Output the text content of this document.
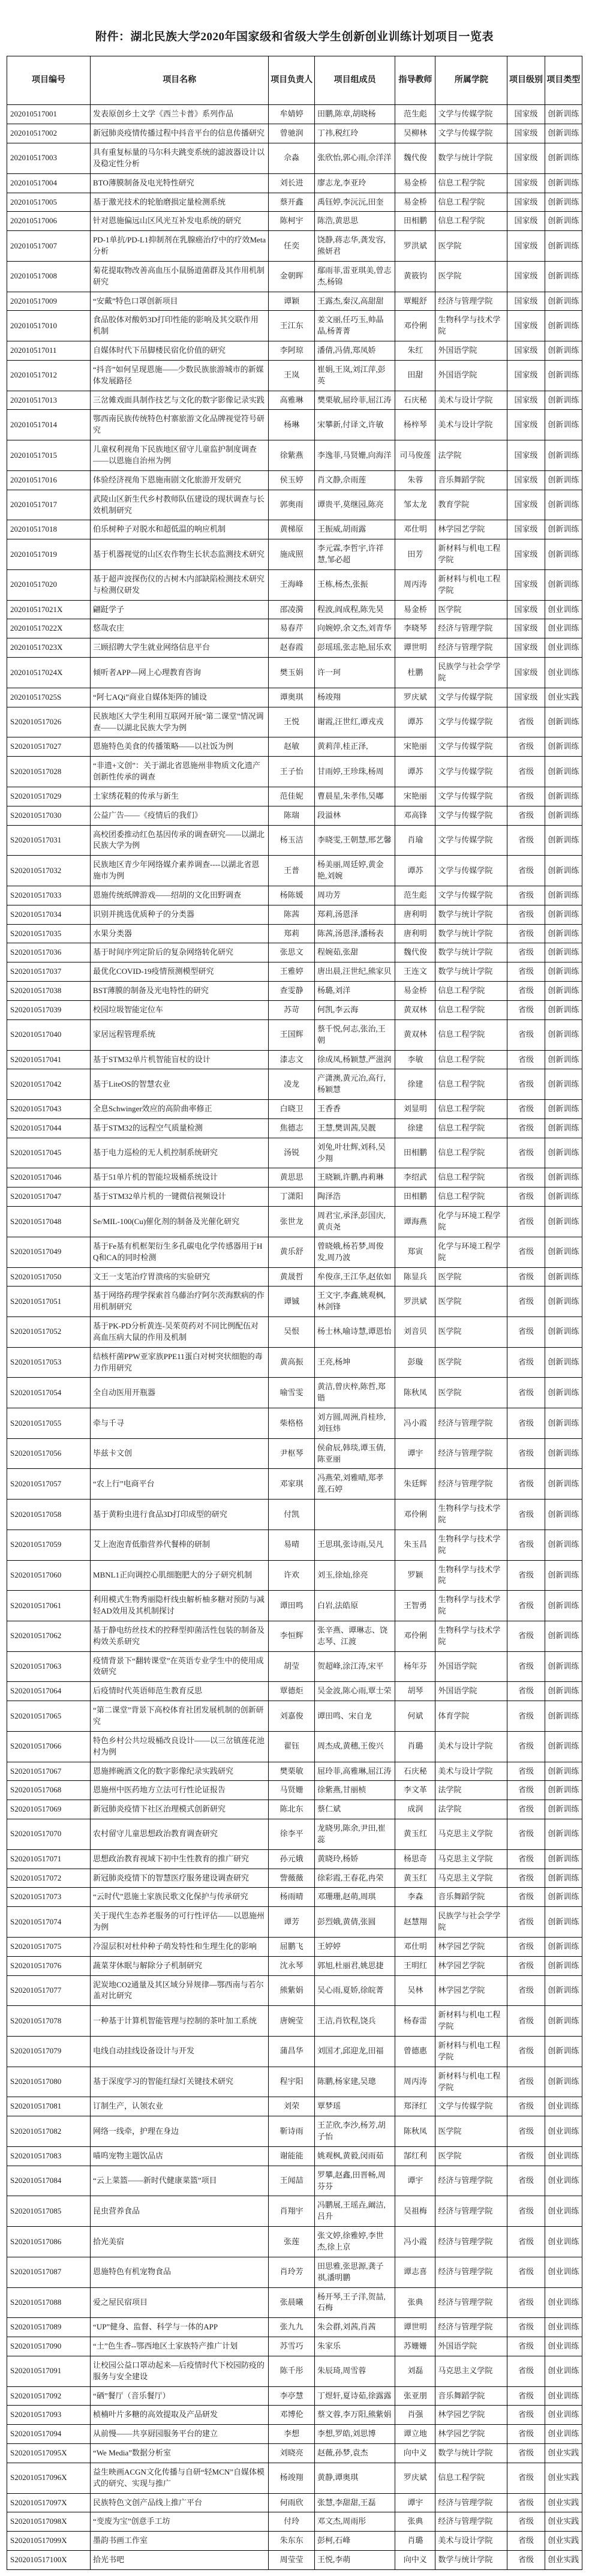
附件：湖北民族大学2020年国家级和省级大学生创新创业训练计划项目一览表
项目编号	项目名称	项目负责人	项目组成员	指导教师	所属学院	项目级别	项目类型
202010517001	发表原创乡土文学《西兰卡普》系列作品	牟婧婷	田鹏,陈章,胡晓杨	范生彪	文学与传媒学院	国家级	创新训练
202010517002	新冠肺炎疫情传播过程中抖音平台的信息传播研究	曾驰润	丁祎,税红玲	吴柳林	文学与传媒学院	国家级	创新训练
202010517003	具有重复标量的马尔科夫跳变系统的滤波器设计以及稳定性分析	佘淼	张欣怡,郭心雨,佘洋洋	魏代俊	数学与统计学院	国家级	创新训练
202010517004	BTO薄膜制备及电光特性研究	刘长进	廖志龙,李亚玲	易金桥	信息工程学院	国家级	创新训练
202010517005	基于激光技术的轮胎磨损定量检测系统	蔡开鑫	禹钰婷,李沅沅,田奎	易金桥	信息工程学院	国家级	创新训练
202010517006	针对恩施偏远山区风光互补发电系统的研究	陈柯宇	陈浩,黄思思	田相鹏	信息工程学院	国家级	创新训练
202010517007	PD-1单抗/PD-L1抑制剂在乳腺癌治疗中的疗效Meta分析	任奕	饶静,蒋志华,龚发容,熊妍君	罗洪斌	医学院	国家级	创新训练
202010517008	菊花提取物改善高血压小鼠肠道菌群及其作用机制研究	金朝晖	鄢雨菲,雷亚琪美,曾志杰,杨锦	黄筱钧	医学院	国家级	创新训练
202010517009	“安戴”特色口罩创新项目	谭颖	王露杰,秦汉,高甜甜	覃鲲舒	经济与管理学院	国家级	创新训练
202010517010	食品胶体对酸奶3D打印性能的影响及其交联作用机制	王江东	姜文丽,任巧玉,帅晶晶,杨菁菁	邓伶俐	生物科学与技术学院	国家级	创新训练
202010517011	自媒体时代下吊脚楼民宿化价值的研究	李阿琼	潘倩,冯倩,郑凤娇	朱红	外国语学院	国家级	创新训练
202010517012	“抖音”如何呈现恩施——少数民族旅游城市的新媒体发展路径	王岚	崔娟,王岚,刘江萍,彭英	田甜	外国语学院	国家级	创新训练
202010517013	三岔傩戏面具制作技艺与文化的数字影像记录实践	高雅琳	樊栗敏,屈玲菲,屈江涛	石庆秘	美术与设计学院	国家级	创新训练
202010517014	鄂西南民族传统特色村寨旅游文化品牌视觉符号研究	杨琳	宋攀新,付译文,许敏	杨梓琴	美术与设计学院	国家级	创新训练
202010517015	儿童权利视角下民族地区留守儿童监护制度调查——以恩施自治州为例	徐紫燕	李逸菲,马贤姗,向海洋	司马俊莲	法学院	国家级	创新训练
202010517016	体验经济视角下恩施南剧文化旅游开发研究	侯玉婷	肖文静,佘雨莲	朱蓉	音乐舞蹈学院	国家级	创新训练
202010517017	武陵山区新生代乡村教师队伍建设的现状调查与长效机制研究	郭奥雨	谭贵平,莫继园,陈亮	邹太龙	教育学院	国家级	创新训练
202010517018	伯乐树种子对脱水和超低温的响应机制	黄梯原	王振威,胡雨露	邓仕明	林学园艺学院	国家级	创新训练
202010517019	基于机器视觉的山区农作物生长状态监测技术研究	施成照	李元霖,李哲宇,许祥慧,邹必超	田芳	新材料与机电工程学院	国家级	创新训练
202010517020	基于超声波探伤仪的古树木内部缺陷检测技术研究与检测仪研发	王海峰	王栋,杨杰,张振	周丙涛	新材料与机电工程学院	国家级	创新训练
202010517021X	翩跹学子	邵凌漪	程波,阎成程,陈先昊	易金桥	医学院	国家级	创业训练
202010517022X	悠哉农庄	易春芹	向婉婷,余文杰,刘青华	李晓琴	经济与管理学院	国家级	创业训练
202010517023X	三顾招聘大学生就业网络信息平台	赵春霞	彭瑶瑶,张志艳,屈乐欢	谭世明	经济与管理学院	国家级	创业训练
202010517024X	倾听者APP—网上心理教育咨询	樊玉娟	许一珂	杜鹏	民族学与社会学学院	国家级	创业训练
202010517025S	“阿七AQi”商业自媒体矩阵的铺设	谭奥琪	杨竣翔	罗庆斌	文学与传媒学院	国家级	创业实践
S202010517026	民族地区大学生利用互联网开展“第二课堂”情况调查——以湖北民族大学为例	王悦	谢霞,汪世红,谭戎戎	谭苏	文学与传媒学院	省级	创新训练
S202010517027	恩施特色美食的传播策略——以社饭为例	赵敏	黄莉萍,桂正泽,	宋艳丽	文学与传媒学院	省级	创新训练
S202010517028	“非遗+文创”：关于湖北省恩施州非物质文化遗产创新性传承的调查	王子怡	甘雨婷,王珍珠,杨周	谭苏	文学与传媒学院	省级	创新训练
S202010517029	土家绣花鞋的传承与新生	范佳妮	曹晨星,朱孝伟,吴嘟	宋艳丽	文学与传媒学院	省级	创新训练
S202010517030	公益广告——《疫情后的我们》	陈瑞	段溢林	邓高锋	文学与传媒学院	省级	创新训练
S202010517031	高校团委推动红色基因传承的调查研究——以湖北民族大学为例	杨玉洁	李晓雯,王朝慧,邢艺馨	肖瑜	文学与传媒学院	省级	创新训练
S202010517032	民族地区青少年网络媒介素养调查----以湖北省恩施市为例	王普	杨美丽,周廷婷,黄金艳,刘婉	谭苏	文学与传媒学院	省级	创新训练
S202010517033	恩施传统纸牌游戏——绍胡的文化田野调查	杨陈媛	周功芳	范生彪	文学与传媒学院	省级	创新训练
S202010517034	识别并挑选优质种子的分类器	陈茜	郑莉,汤恩泽	唐利明	数学与统计学院	省级	创新训练
S202010517035	水果分类器	郑莉	陈茜,汤恩泽,潘杨表	唐利明	数学与统计学院	省级	创新训练
S202010517036	基于时间序列定阶后的复杂网络转化研究	张思文	程婉茹,张甜	魏代俊	数学与统计学院	省级	创新训练
S202010517037	最优化COVID-19疫情预测模型研究	王雅婷	唐出晨,汪世纪,熊家贝	王连文	数学与统计学院	省级	创新训练
S202010517038	BST薄膜的制备及光电特性的研究	查雯静	杨璐,刘洋	易金桥	信息工程学院	省级	创新训练
S202010517039	校园垃圾智能定位车	苏苛	何凯,李云海	黄双林	信息工程学院	省级	创新训练
S202010517040	家居远程管理系统	王国辉	蔡千悦,何志,张治,王朝	黄双林	信息工程学院	省级	创新训练
S202010517041	基于STM32单片机智能盲杖的设计	漆志文	徐成凤,杨颖慧,严滋润	李敏	信息工程学院	省级	创新训练
S202010517042	基于LiteOS的智慧农业	凌龙	产潇澳,黄元冶,高行,杨颖慧	徐建	信息工程学院	省级	创新训练
S202010517043	全息Schwinger效应的高阶曲率修正	白晓卫	王香香	刘显明	信息工程学院	省级	创新训练
S202010517044	基于STM32的远程空气质量检测	焦德志	王慧,樊训茜,吴靓	徐建	信息工程学院	省级	创新训练
S202010517045	基于电力巡检的无人机控制系统研究	汤锐	刘兔,叶壮辉,刘科,吴少翔	田相鹏	信息工程学院	省级	创新训练
S202010517046	基于51单片机的智能垃圾桶系统设计	黄思思	王晓颖,许鹏,冉莉琳	李绍武	信息工程学院	省级	创新训练
S202010517047	基于STM32单片机的一键微信视频设计	丁潇阳	陶泽浩	田相鹏	信息工程学院	省级	创新训练
S202010517048	Se/MIL-100(Cu)催化剂的制备及光催化研究	张世龙	周君宝,承泽,彭国庆,黄贞尧	谭海燕	化学与环境工程学院	省级	创新训练
S202010517049	基于Fe基有机框架衍生多孔碳电化学传感器用于HQ和CA的同时检测	黄乐舒	曾晓娥,杨若梦,周俊发,周乃波	郑寅	化学与环境工程学院	省级	创新训练
S202010517050	文王一支笔治疗胃溃疡的实验研究	黄晟哲	牟俊彦,王江华,赵依如	陈显兵	医学院	省级	创新训练
S202010517051	基于网络药理学探索首乌藤治疗阿尔茨海默病的作用机制研究	谭铖	王文宇,李鑫,姚观枫,林剑锋	罗洪斌	医学院	省级	创新训练
S202010517052	基于PK-PD分析黄连-吴茱萸药对不同比例配伍对高血压病大鼠的作用及机制	吴恨	杨士林,喻诗慧,谭恩怡	刘音贝	医学院	省级	创新训练
S202010517053	结核杆菌PPW亚家族PPE11蛋白对树突状细胞的毒力作用研究	黄高振	王亮,杨坤	彭璇	医学院	省级	创新训练
S202010517054	全自动医用开瓶器	喻雪雯	黄洁,曾庆梓,陈哲,郑锴	陈秋凤	医学院	省级	创新训练
S202010517055	牵与千寻	柴格格	刘方圆,周洲,肖桂珍,刘钰炜	冯小霞	经济与管理学院	省级	创新训练
S202010517056	毕兹卡文创	尹枢琴	侯俞辰,韩琰,谭玉倩,陈亚丽	谭宇	经济与管理学院	省级	创新训练
S202010517057	“农上行”电商平台	邓家琪	冯燕荣,刘雅晴,郑孝莲,石婷	朱廷辉	经济与管理学院	省级	创新训练
S202010517058	基于黄粉虫进行食品3D打印成型的研究	付凯		邓伶俐	生物科学与技术学院	省级	创新训练
S202010517059	艾上泡泡青低脂营养代餐棒的研制	易晴	王思琪,张诗雨,吴凡	朱玉昌	生物科学与技术学院	省级	创新训练
S202010517060	MBNL1正向调控心肌细胞肥大的分子研究机制	许欢	刘玉,徐灿,徐亮	罗颖	生物科学与技术学院	省级	创新训练
S202010517061	利用模式生物秀丽隐杆线虫解析柚多糖对预防与减轻AD效用及其机制探讨	谭田鸣	白岩,法皓原	王智勇	生物科学与技术学院	省级	创新训练
S202010517062	基于静电纺丝技术的控释型抑菌活性包装的制备及构效关系研究	李恒辉	张辛燕、谭琳志、饶志琴、江渡	邓伶俐	生物科学与技术学院	省级	创新训练
S202010517063	疫情背景下“翻转课堂”在英语专业学生中的使用成效研究	胡莹	贺超峰,涂江涛,宋平	杨年芬	外国语学院	省级	创新训练
S202010517064	后疫情时代英语师范生教育反思	覃德炬	吴金波,陈心雨,覃士荣	胡琴	外国语学院	省级	创新训练
S202010517065	“第二课堂”背景下高校体育社团发展机制的创新研究	刘嘉俊	谭田鸣、宋自龙	何斌	体育学院	省级	创新训练
S202010517066	特色乡村公共垃圾桶改良设计——以三岔镇莲花池村为例	翟钰	周杰成,黄穗,王俊兴	肖璐	美术与设计学院	省级	创新训练
S202010517067	恩施摔碗酒文化的数字影像纪录实践研究	樊栗敏	屈玲菲,高雅琳,屈江涛	石庆秘	美术与设计学院	省级	创新训练
S202010517068	恩施州中医药地方立法可行性论证报告	马贤姗	徐紫燕,甘丽桢	李文革	法学院	省级	创新训练
S202010517069	新冠肺炎疫情下社区治理模式创新研究	陈北东	蔡仁斌	成润	法学院	省级	创新训练
S202010517070	农村留守儿童思想政治教育调查研究	徐李平	龙晓男,陈余,尹田,崔蕊	黄玉红	马克思主义学院	省级	创新训练
S202010517071	思想政治教育视域下初中生性教育的推广研究	孙元娥	黄晓玲,杨娇	杨思奇	马克思主义学院	省级	创新训练
S202010517072	新冠肺炎疫情下的智慧医疗服务建设调查研究	訾薇薇	徐彩霞,王春花,冉荣	黄玉红	马克思主义学院	省级	创新训练
S202010517073	“云时代”恩施土家族民歌文化保护与传承研究	杨雨晴	邓珊珊,赵萌,周琪	李森	音乐舞蹈学院	省级	创新训练
S202010517074	关于现代生态养老服务的可行性评估——以恩施州为例	谭芳	彭烈娥,黄倩,张圆	赵慧翔	民族学与社会学学院	省级	创新训练
S202010517075	冷湿层积对杜仲种子萌发特性和生理生化的影响	屈鹏飞	王婷婷	邓仕明	林学园艺学院	省级	创新训练
S202010517076	蔬菜芽休眠与解除分子机制研究	沈永琴	郭旭,杜丽君,姚思捷	王明红	林学园艺学院	省级	创新训练
S202010517077	泥炭地CO2通量及其区域分异规律—鄂西南与若尔盖对比研究	熊紫娟	吴心雨,夏娇,徐皖菁	吴林	林学园艺学院	省级	创新训练
S202010517078	一种基于计算机智能管理与控制的茶叶加工系统	唐婉莹	王洁,肖钦程,饶兵	杨春雷	新材料与机电工程学院	省级	创新训练
S202010517079	电线自动挂线设备设计与开发	蒲昌华	刘国才,邱迎龙,田福	曾德惠	新材料与机电工程学院	省级	创新训练
S202010517080	基于深度学习的智能红绿灯关键技术研究	程宇阳	陈鹏,杨家建,吴璁	周丙涛	新材料与机电工程学院	省级	创新训练
S202010517081	订制生产，认领农业	刘荣	覃梦瑶	郑泽红	文学与传媒学院	省级	创业训练
S202010517082	网络一线牵，护理在身边	靳诗雨	王芷欣,李沙,杨芳,胡子怡	陈秋凤	医学院	省级	创业训练
S202010517083	喵呜宠物主题饮品店	谢能能	姚观枫,黄毅,闵雨茹	郜红利	医学院	省级	创业训练
S202010517084	“云上菜篮——新时代健康菜篮”项目	王闻喆	罗攀,赵鑫,田晋畅,周芬芬	谭宇	经济与管理学院	省级	创业训练
S202010517085	昆虫营养食品	肖翔宇	冯鹏展,王瑶垚,阚洁,吕升	吴祖梅	经济与管理学院	省级	创业训练
S202010517086	拾光美宿	张莲	张文婷,徐雅婷,李世杰,徐上京	冯小霞	经济与管理学院	省级	创业训练
S202010517087	恩施特色有机宠物食品	肖玲芳	田思雅,张思源,龚子祺,潘明鹏	谭志喜	经济与管理学院	省级	创业训练
S202010517088	爱之屋民宿项目	张晨曦	杨开琴,王子洋,贺喆,石梅	张典	经济与管理学院	省级	创业训练
S202010517089	“UP”健身、监督、科学与一体的APP	张九九	朱会群,刘茜,肖茜	谭世明	经济与管理学院	省级	创业训练
S202010517090	“土”色生香--鄂西地区土家族特产推广计划	苏雪巧	朱家乐	苏姗姗	外国语学院	省级	创业训练
S202010517091	让校园公益口罩动起来—后疫情时代下校园防疫的服务与安全建设	陈千彤	朱辰琦,周雪蓉	刘磊	马克思主义学院	省级	创业训练
S202010517092	“硒”餐厅（音乐餐厅）	李亭慧	丁煜轩,夏诗茹,徐露露	张亚朋	音乐舞蹈学院	省级	创业训练
S202010517093	桢楠叶片多糖的高效提取及产品研发	邓博伦	蔡文蓉,李万阳,熊紫娟	肖强	林学园艺学院	省级	创业训练
S202010517094	从前慢——共享厨园服务平台的建立	李想	李想,罗皓,刘思博	谭立地	林学园艺学院	省级	创业训练
S202010517095X	“We Media”数据分析室	刘晓亮	赵薇,孙梦,袁杰	向中义	数学与统计学院	省级	创业实践
S202010517096X	益生映画ACGN文化传播与自研“轻MCN”自媒体模式的研究、实现与推广	杨竣翔	黄静,谭奥琪	罗庆斌	信息工程学院	省级	创业实践
S202010517097X	民族特色文创产品线上推广平台	何雨欣	张慧,李甜甜,王磊	谭宇	经济与管理学院	省级	创业实践
S202010517098X	“变废为宝”创意手工坊	付玲	邓文杰,周雨彤	张典	经济与管理学院	省级	创业实践
S202010517099X	墨韵书画工作室	朱东东	彭柯,石峰	肖璐	美术与设计学院	省级	创业实践
S202010517100X	拾光书吧	周莹莹	王悦,李萌	向中义	数学与统计学院	省级	创业实践
